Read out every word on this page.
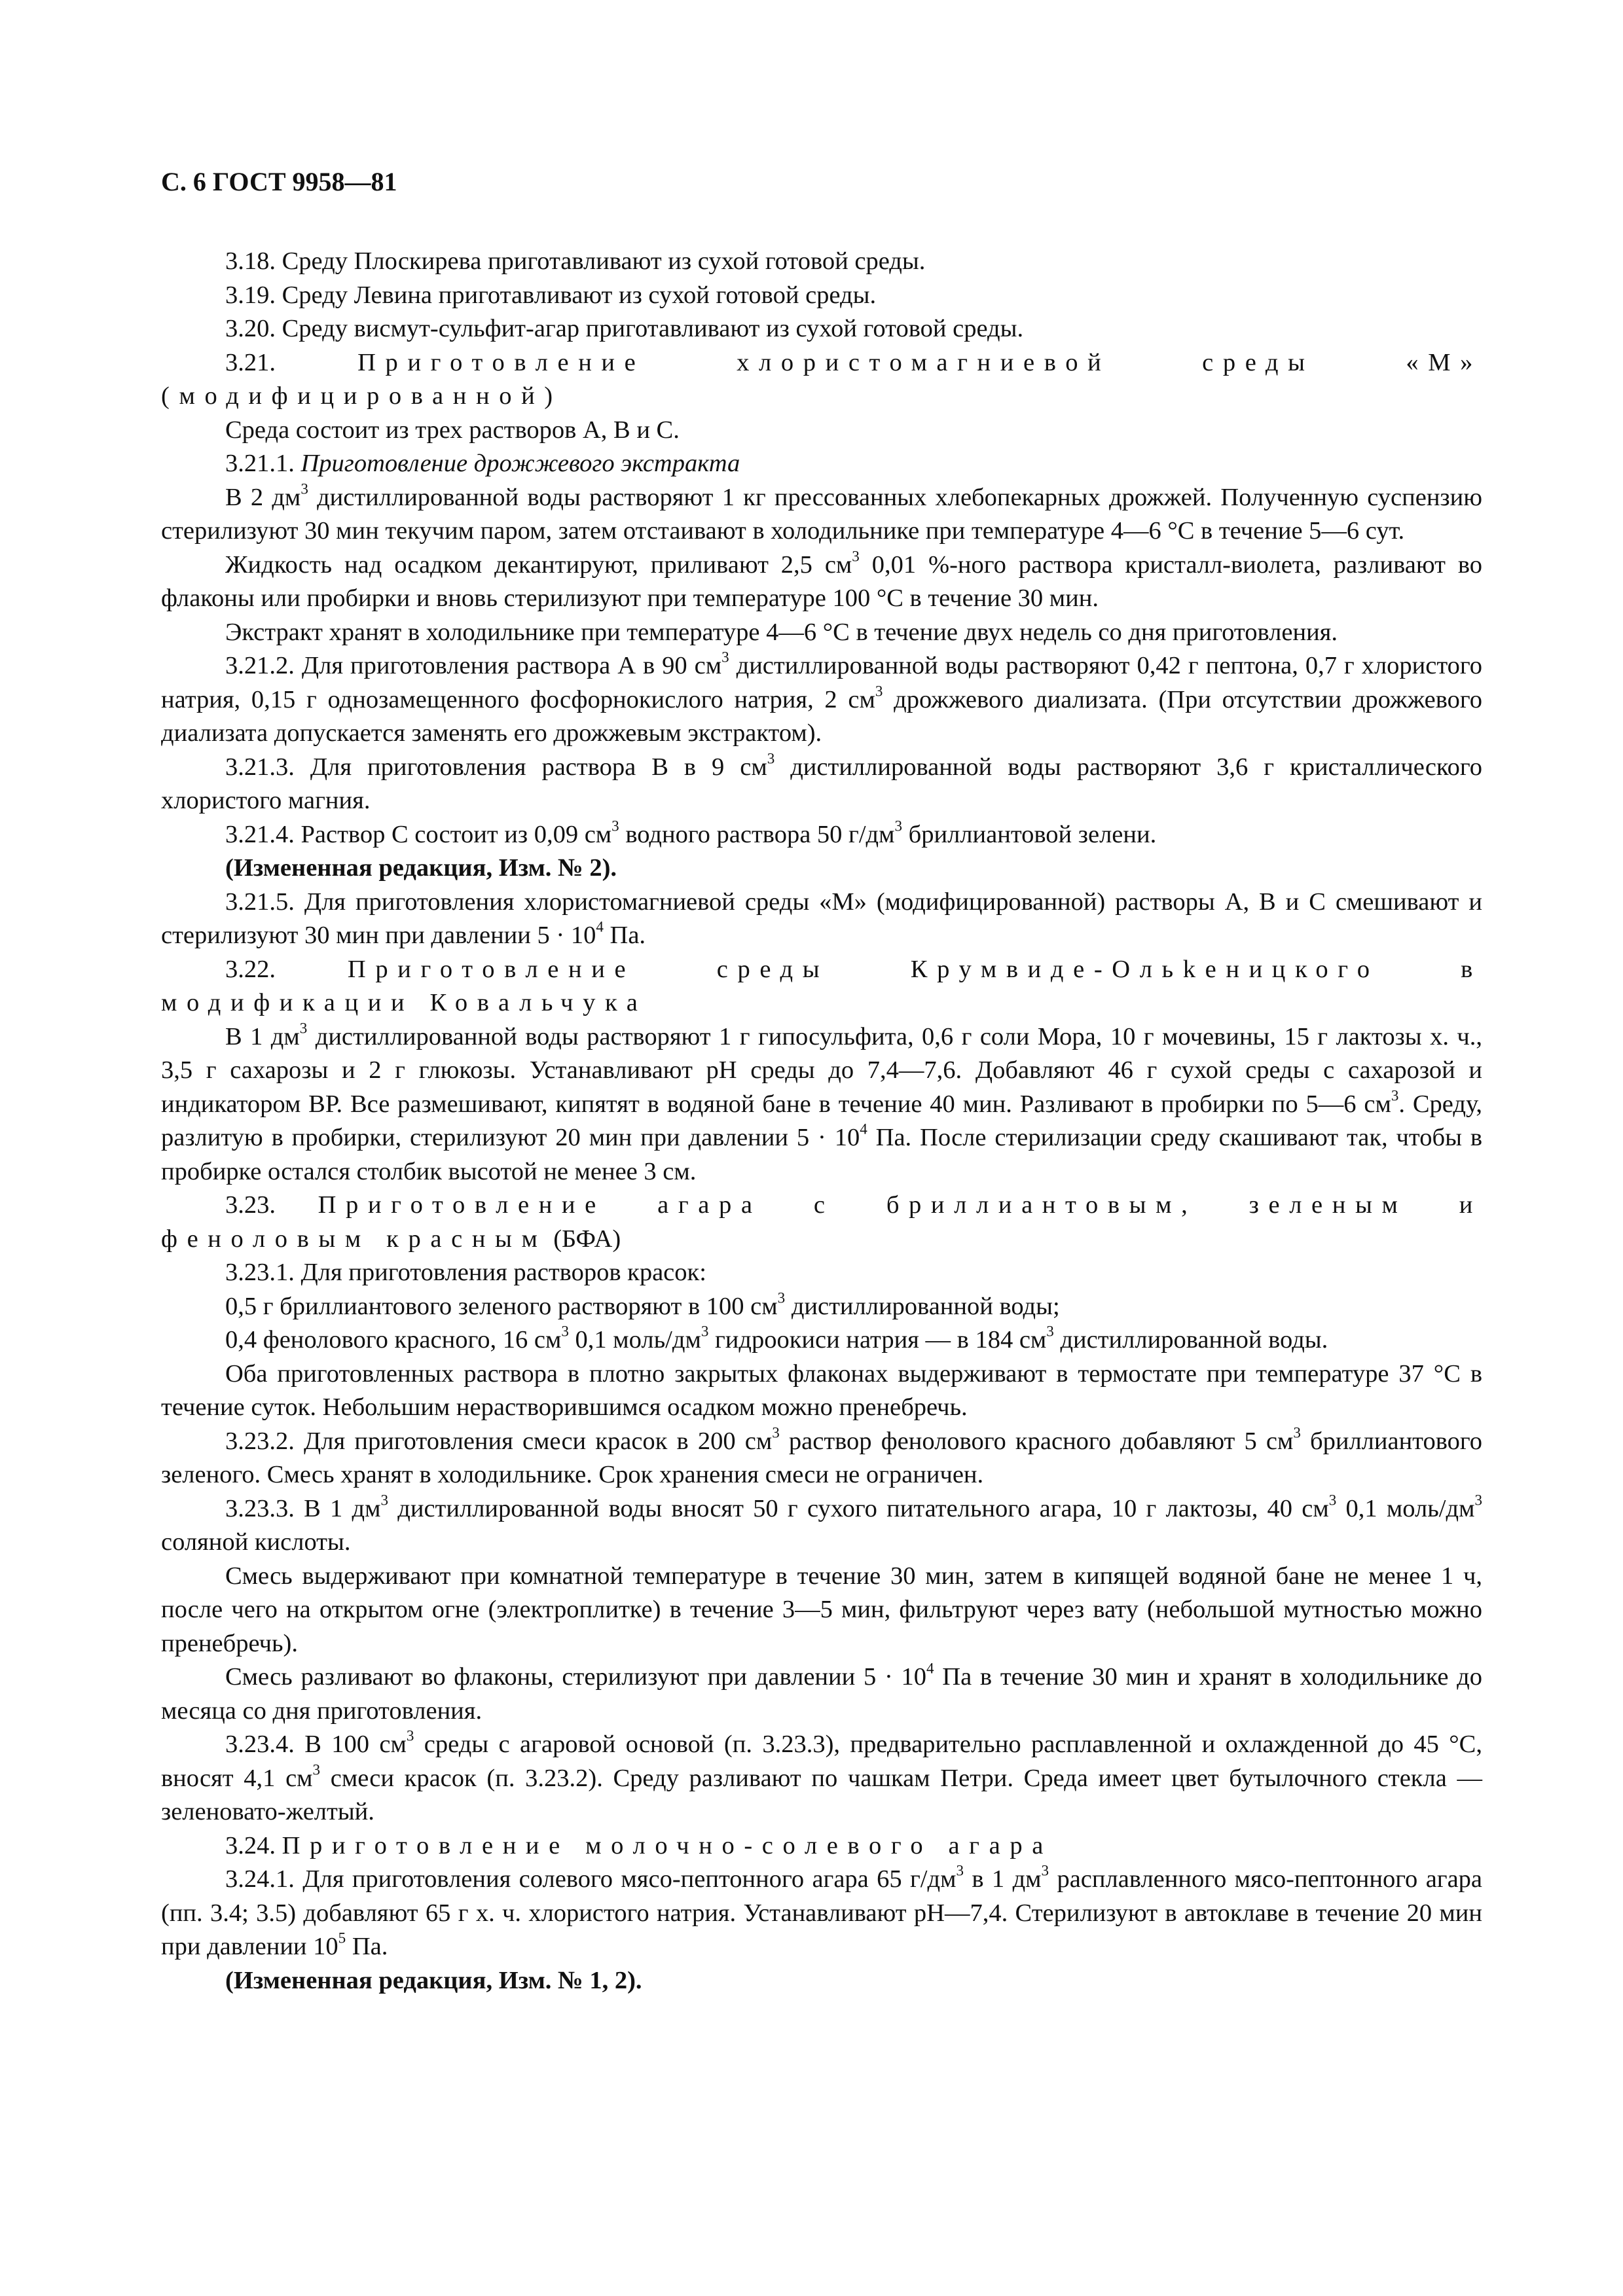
С. 6 ГОСТ 9958—81

3.18. Среду Плоскирева приготавливают из сухой готовой среды.

3.19. Среду Левина приготавливают из сухой готовой среды.

3.20. Среду висмут-сульфит-агар приготавливают из сухой готовой среды.

3.21.	Приготовление хлористомагниевой среды «М» (модифицированной)

Среда состоит из трех растворов А, В и С.

3.21.1. Приготовление дрожжевого экстракта

В 2 $дм^3$ дистиллированной воды растворяют 1 кг прессованных хлебопекарных дрожжей. Полученную суспензию стерилизуют 30 мин текучим паром, затем отстаивают в холодильнике при температуре 4—6 °С в течение 5—6 сут.

Жидкость над осадком декантируют, приливают 2,5 $см^3$ 0,01 %-ного раствора кристалл-виолета, разливают во флаконы или пробирки и вновь стерилизуют при температуре 100 °С в течение 30 мин.

Экстракт хранят в холодильнике при температуре 4—6 °С в течение двух недель со дня приготовления.

3.21.2. Для приготовления раствора А в 90 $см^3$ дистиллированной воды растворяют 0,42 г пептона, 0,7 г хлористого натрия, 0,15 г однозамещенного фосфорнокислого натрия, 2 $см^3$ дрожжевого диализата. (При отсутствии дрожжевого диализата допускается заменять его дрожжевым экстрактом).

3.21.3. Для приготовления раствора В в 9 $см^3$ дистиллированной воды растворяют 3,6 г кристаллического хлористого магния.

3.21.4. Раствор С состоит из 0,09 $см^3$ водного раствора 50 $г/дм^3$ бриллиантовой зелени.

(Измененная редакция, Изм. № 2).

3.21.5. Для приготовления хлористомагниевой среды «М» (модифицированной) растворы А, В и С смешивают и стерилизуют 30 мин при давлении $5 \cdot 10^4$ Па.

3.22.	Приготовление среды Крумвиде-Ольkеницкого в модификации Ковальчука

В 1 $дм^3$ дистиллированной воды растворяют 1 г гипосульфита, 0,6 г соли Мора, 10 г мочевины, 15 г лактозы х. ч., 3,5 г сахарозы и 2 г глюкозы. Устанавливают рН среды до 7,4—7,6. Добавляют 46 г сухой среды с сахарозой и индикатором ВР. Все размешивают, кипятят в водяной бане в течение 40 мин. Разливают в пробирки по 5—6 $см^3$. Среду, разлитую в пробирки, стерилизуют 20 мин при давлении $5 \cdot 10^4$ Па. После стерилизации среду скашивают так, чтобы в пробирке остался столбик высотой не менее 3 см.

3.23. Приготовление агара с бриллиантовым, зеленым и феноловым красным (БФА)

3.23.1. Для приготовления растворов красок:

0,5 г бриллиантового зеленого растворяют в 100 $см^3$ дистиллированной воды;

0,4 фенолового красного, 16 $см^3$ 0,1 моль/$дм^3$ гидроокиси натрия — в 184 $см^3$ дистиллированной воды.

Оба приготовленных раствора в плотно закрытых флаконах выдерживают в термостате при температуре 37 °С в течение суток. Небольшим нерастворившимся осадком можно пренебречь.

3.23.2. Для приготовления смеси красок в 200 $см^3$ раствор фенолового красного добавляют 5 $см^3$ бриллиантового зеленого. Смесь хранят в холодильнике. Срок хранения смеси не ограничен.

3.23.3. В 1 $дм^3$ дистиллированной воды вносят 50 г сухого питательного агара, 10 г лактозы, 40 $см^3$ 0,1 моль/$дм^3$ соляной кислоты.

Смесь выдерживают при комнатной температуре в течение 30 мин, затем в кипящей водяной бане не менее 1 ч, после чего на открытом огне (электроплитке) в течение 3—5 мин, фильтруют через вату (небольшой мутностью можно пренебречь).

Смесь разливают во флаконы, стерилизуют при давлении $5 \cdot 10^4$ Па в течение 30 мин и хранят в холодильнике до месяца со дня приготовления.

3.23.4. В 100 $см^3$ среды с агаровой основой (п. 3.23.3), предварительно расплавленной и охлажденной до 45 °С, вносят 4,1 $см^3$ смеси красок (п. 3.23.2). Среду разливают по чашкам Петри. Среда имеет цвет бутылочного стекла — зеленовато-желтый.

3.24. Приготовление молочно-солевого агара

3.24.1. Для приготовления солевого мясо-пептонного агара 65 $г/дм^3$ в 1 $дм^3$ расплавленного мясо-пептонного агара (пп. 3.4; 3.5) добавляют 65 г х. ч. хлористого натрия. Устанавливают рН—7,4. Стерилизуют в автоклаве в течение 20 мин при давлении $10^5$ Па.

(Измененная редакция, Изм. № 1, 2).
